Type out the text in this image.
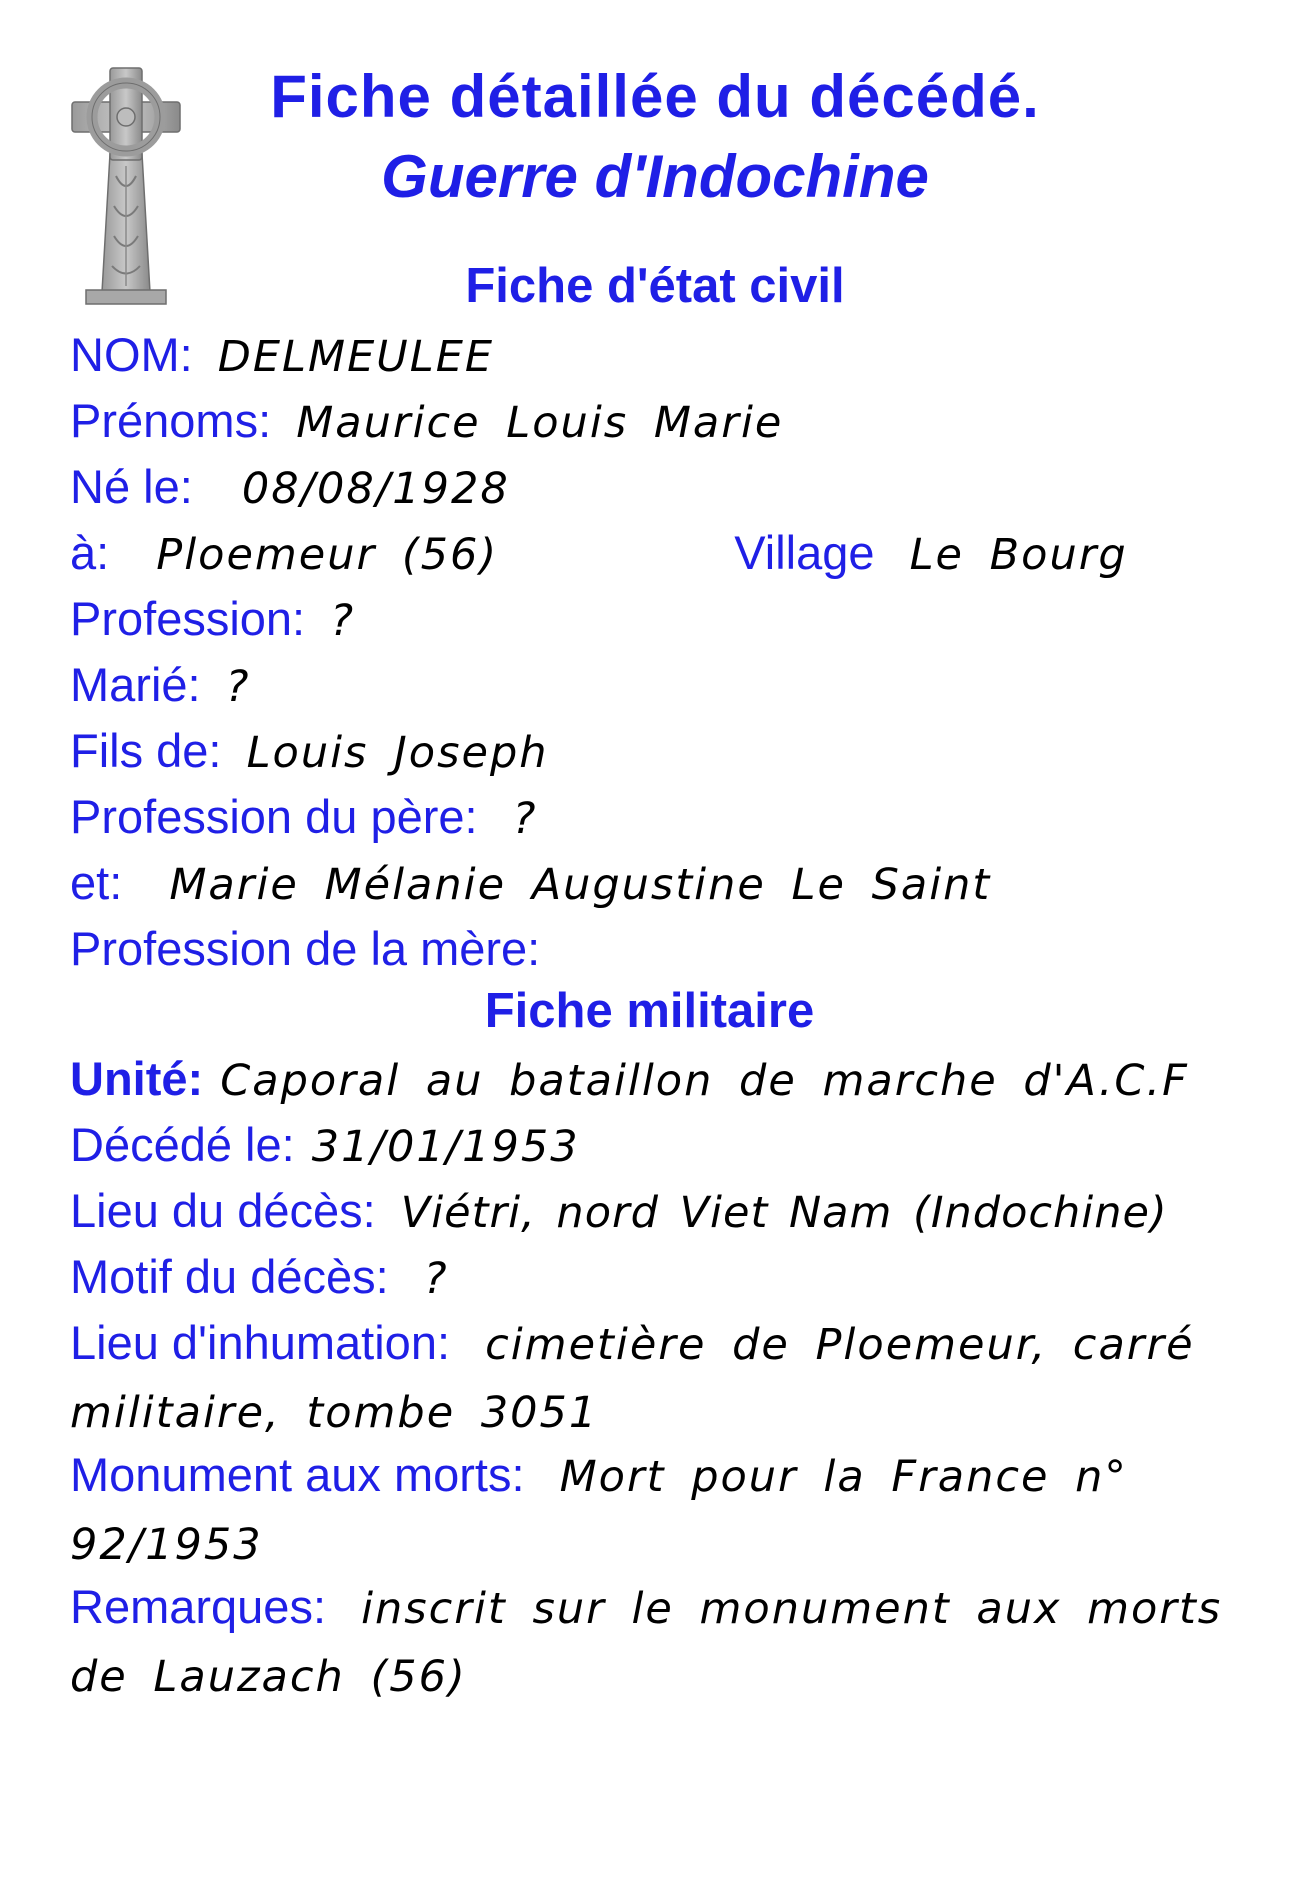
Fiche détaillée du décédé.
Guerre d'Indochine
Fiche d'état civil
NOM: DELMEULEE
Prénoms: Maurice Louis Marie
Né le: 08/08/1928
à: Ploemeur (56)	Village Le Bourg
Profession: ?
Marié: ?
Fils de: Louis Joseph
Profession du père: ?
et: Marie Mélanie Augustine Le Saint
Profession de la mère:
Fiche militaire
Unité: Caporal au bataillon de marche d'A.C.F
Décédé le: 31/01/1953
Lieu du décès: Viétri, nord Viet Nam (Indochine)
Motif du décès: ?
Lieu d'inhumation: cimetière de Ploemeur, carré militaire, tombe 3051
Monument aux morts: Mort pour la France n° 92/1953
Remarques: inscrit sur le monument aux morts de Lauzach (56)
